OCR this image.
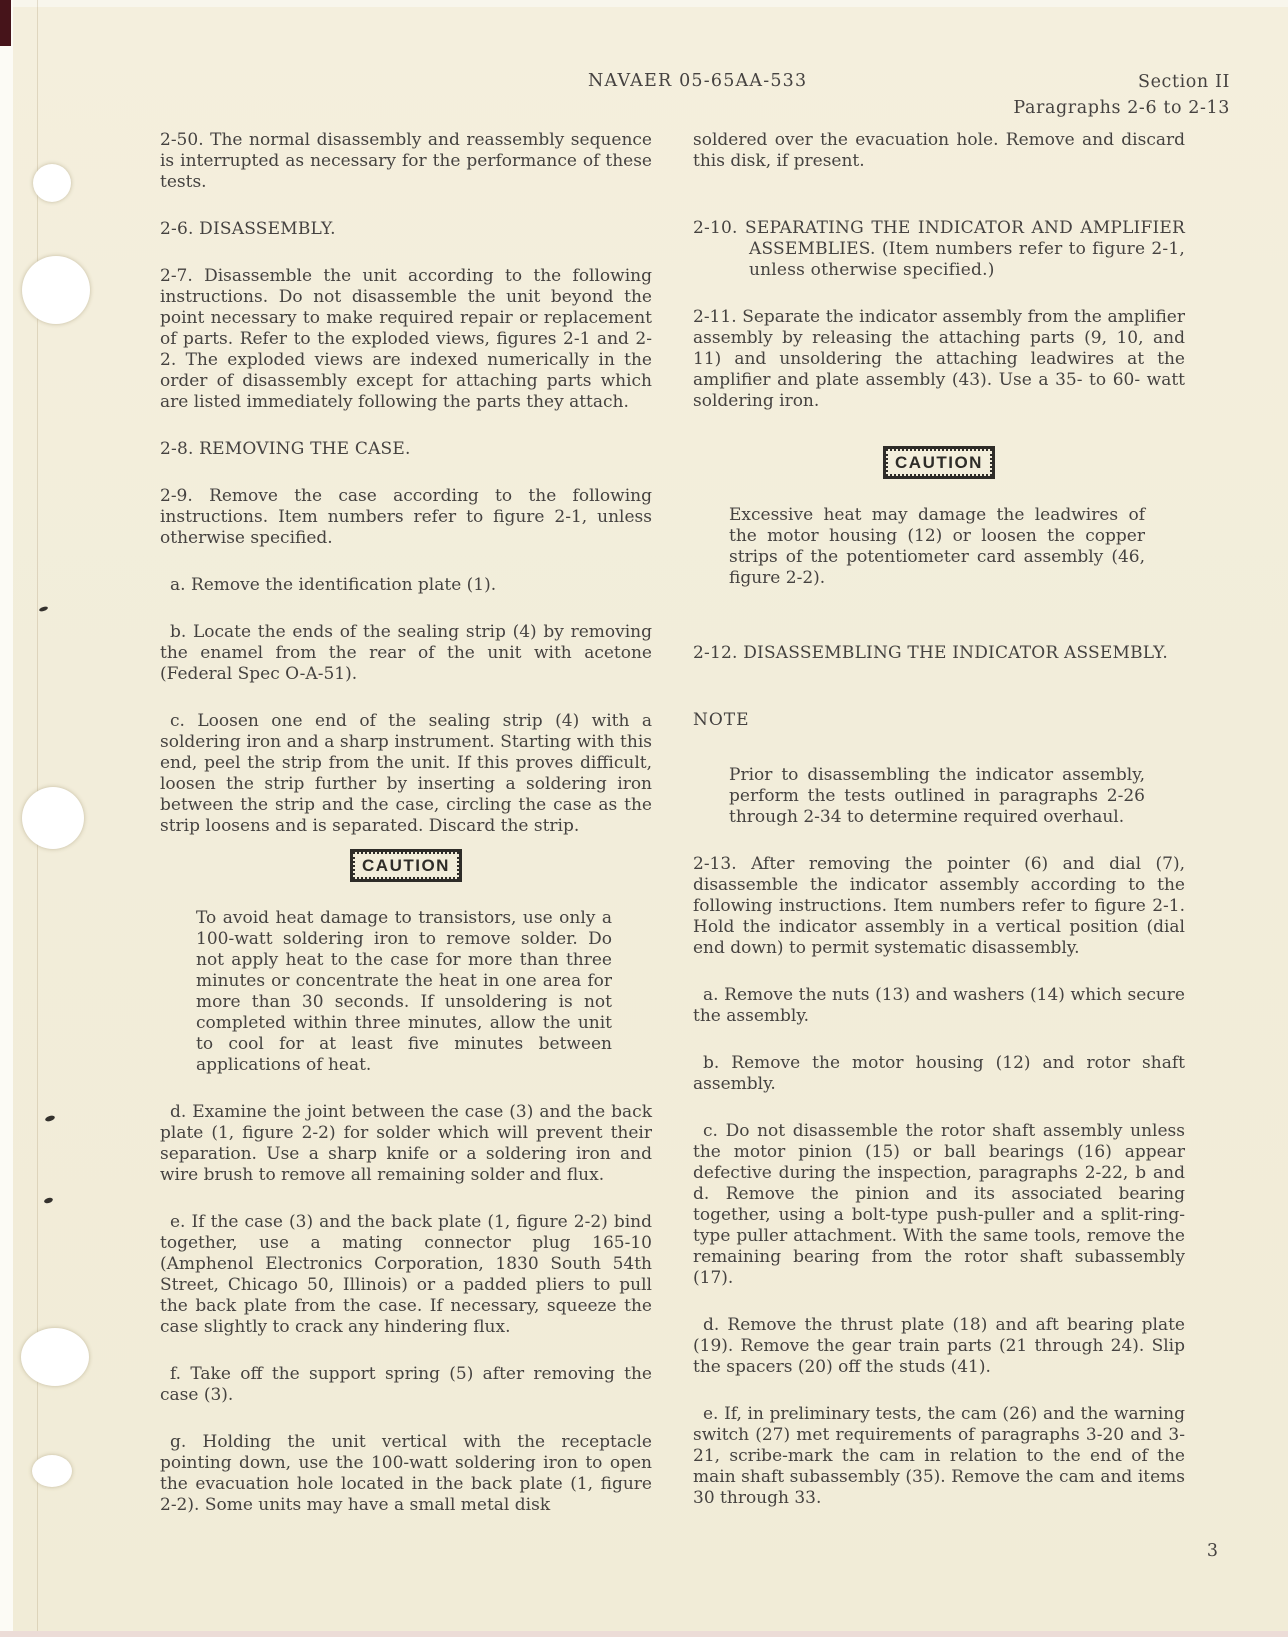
NAVAER 05-65AA-533	Section II
Paragraphs 2-6 to 2-13

2-50. The normal disassembly and reassembly sequence is interrupted as necessary for the performance of these tests.

2-6. DISASSEMBLY.

2-7. Disassemble the unit according to the following instructions. Do not disassemble the unit beyond the point necessary to make required repair or replacement of parts. Refer to the exploded views, figures 2-1 and 2-2. The exploded views are indexed numerically in the order of disassembly except for attaching parts which are listed immediately following the parts they attach.

2-8. REMOVING THE CASE.

2-9. Remove the case according to the following instructions. Item numbers refer to figure 2-1, unless otherwise specified.

a. Remove the identification plate (1).

b. Locate the ends of the sealing strip (4) by removing the enamel from the rear of the unit with acetone (Federal Spec O-A-51).

c. Loosen one end of the sealing strip (4) with a soldering iron and a sharp instrument. Starting with this end, peel the strip from the unit. If this proves difficult, loosen the strip further by inserting a soldering iron between the strip and the case, circling the case as the strip loosens and is separated. Discard the strip.

CAUTION

To avoid heat damage to transistors, use only a 100-watt soldering iron to remove solder. Do not apply heat to the case for more than three minutes or concentrate the heat in one area for more than 30 seconds. If unsoldering is not completed within three minutes, allow the unit to cool for at least five minutes between applications of heat.

d. Examine the joint between the case (3) and the back plate (1, figure 2-2) for solder which will prevent their separation. Use a sharp knife or a soldering iron and wire brush to remove all remaining solder and flux.

e. If the case (3) and the back plate (1, figure 2-2) bind together, use a mating connector plug 165-10 (Amphenol Electronics Corporation, 1830 South 54th Street, Chicago 50, Illinois) or a padded pliers to pull the back plate from the case. If necessary, squeeze the case slightly to crack any hindering flux.

f. Take off the support spring (5) after removing the case (3).

g. Holding the unit vertical with the receptacle pointing down, use the 100-watt soldering iron to open the evacuation hole located in the back plate (1, figure 2-2). Some units may have a small metal disk

soldered over the evacuation hole. Remove and discard this disk, if present.

2-10. SEPARATING THE INDICATOR AND AMPLIFIER ASSEMBLIES. (Item numbers refer to figure 2-1, unless otherwise specified.)

2-11. Separate the indicator assembly from the amplifier assembly by releasing the attaching parts (9, 10, and 11) and unsoldering the attaching leadwires at the amplifier and plate assembly (43). Use a 35- to 60- watt soldering iron.

CAUTION

Excessive heat may damage the leadwires of the motor housing (12) or loosen the copper strips of the potentiometer card assembly (46, figure 2-2).

2-12. DISASSEMBLING THE INDICATOR ASSEMBLY.

NOTE

Prior to disassembling the indicator assembly, perform the tests outlined in paragraphs 2-26 through 2-34 to determine required overhaul.

2-13. After removing the pointer (6) and dial (7), disassemble the indicator assembly according to the following instructions. Item numbers refer to figure 2-1. Hold the indicator assembly in a vertical position (dial end down) to permit systematic disassembly.

a. Remove the nuts (13) and washers (14) which secure the assembly.

b. Remove the motor housing (12) and rotor shaft assembly.

c. Do not disassemble the rotor shaft assembly unless the motor pinion (15) or ball bearings (16) appear defective during the inspection, paragraphs 2-22, b and d. Remove the pinion and its associated bearing together, using a bolt-type push-puller and a split-ring-type puller attachment. With the same tools, remove the remaining bearing from the rotor shaft subassembly (17).

d. Remove the thrust plate (18) and aft bearing plate (19). Remove the gear train parts (21 through 24). Slip the spacers (20) off the studs (41).

e. If, in preliminary tests, the cam (26) and the warning switch (27) met requirements of paragraphs 3-20 and 3-21, scribe-mark the cam in relation to the end of the main shaft subassembly (35). Remove the cam and items 30 through 33.

3
